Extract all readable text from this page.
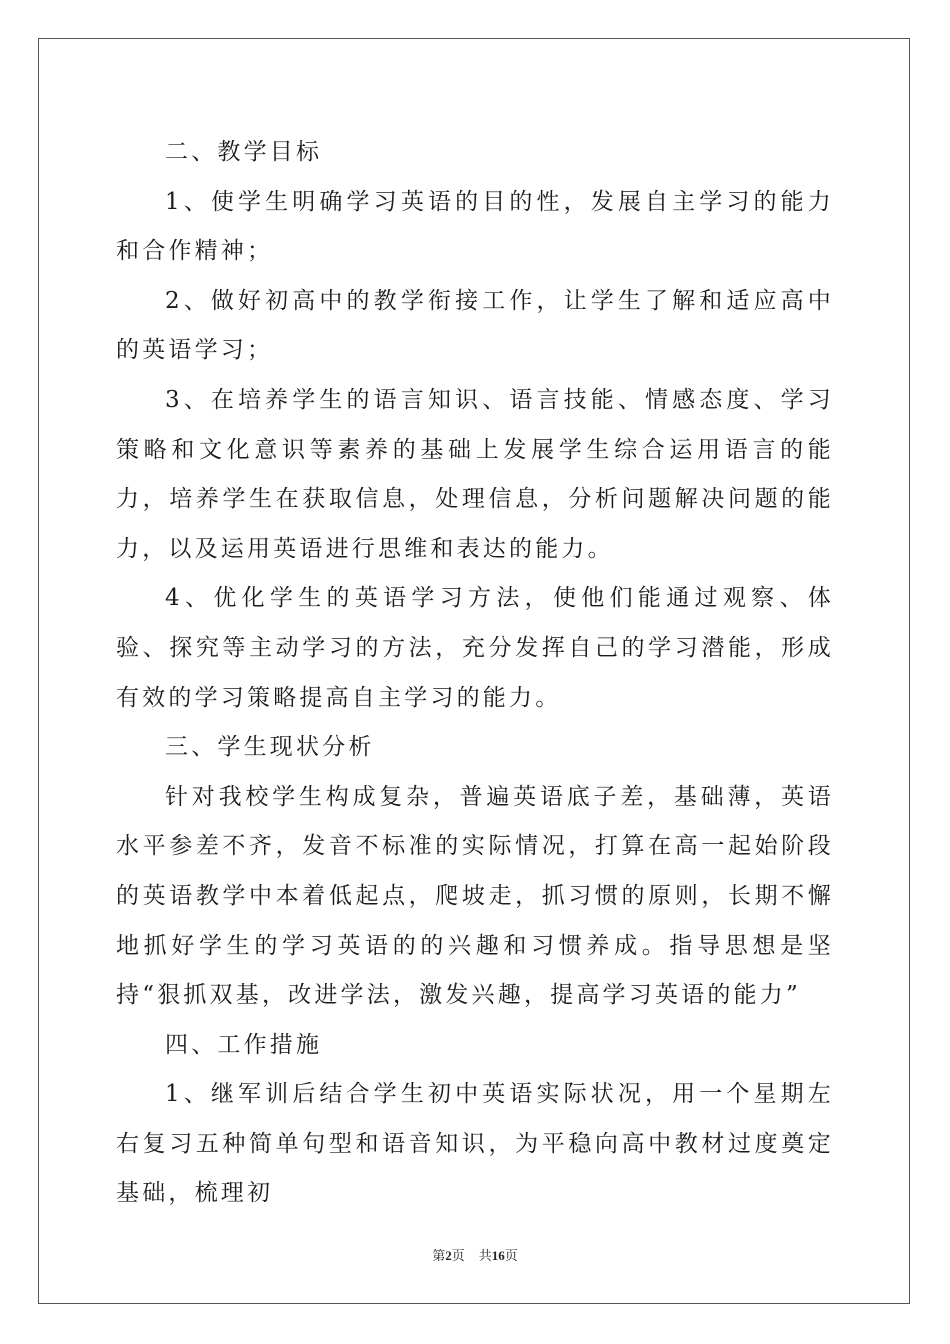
二、教学目标

1、使学生明确学习英语的目的性，发展自主学习的能力和合作精神；

2、做好初高中的教学衔接工作，让学生了解和适应高中的英语学习；

3、在培养学生的语言知识、语言技能、情感态度、学习策略和文化意识等素养的基础上发展学生综合运用语言的能力，培养学生在获取信息，处理信息，分析问题解决问题的能力，以及运用英语进行思维和表达的能力。

4、优化学生的英语学习方法，使他们能通过观察、体验、探究等主动学习的方法，充分发挥自己的学习潜能，形成有效的学习策略提高自主学习的能力。

三、学生现状分析

针对我校学生构成复杂，普遍英语底子差，基础薄，英语水平参差不齐，发音不标准的实际情况，打算在高一起始阶段的英语教学中本着低起点，爬坡走，抓习惯的原则，长期不懈地抓好学生的学习英语的的兴趣和习惯养成。指导思想是坚持“狠抓双基，改进学法，激发兴趣，提高学习英语的能力”

四、工作措施

1、继军训后结合学生初中英语实际状况，用一个星期左右复习五种简单句型和语音知识，为平稳向高中教材过度奠定基础，梳理初

第2页 共16页
